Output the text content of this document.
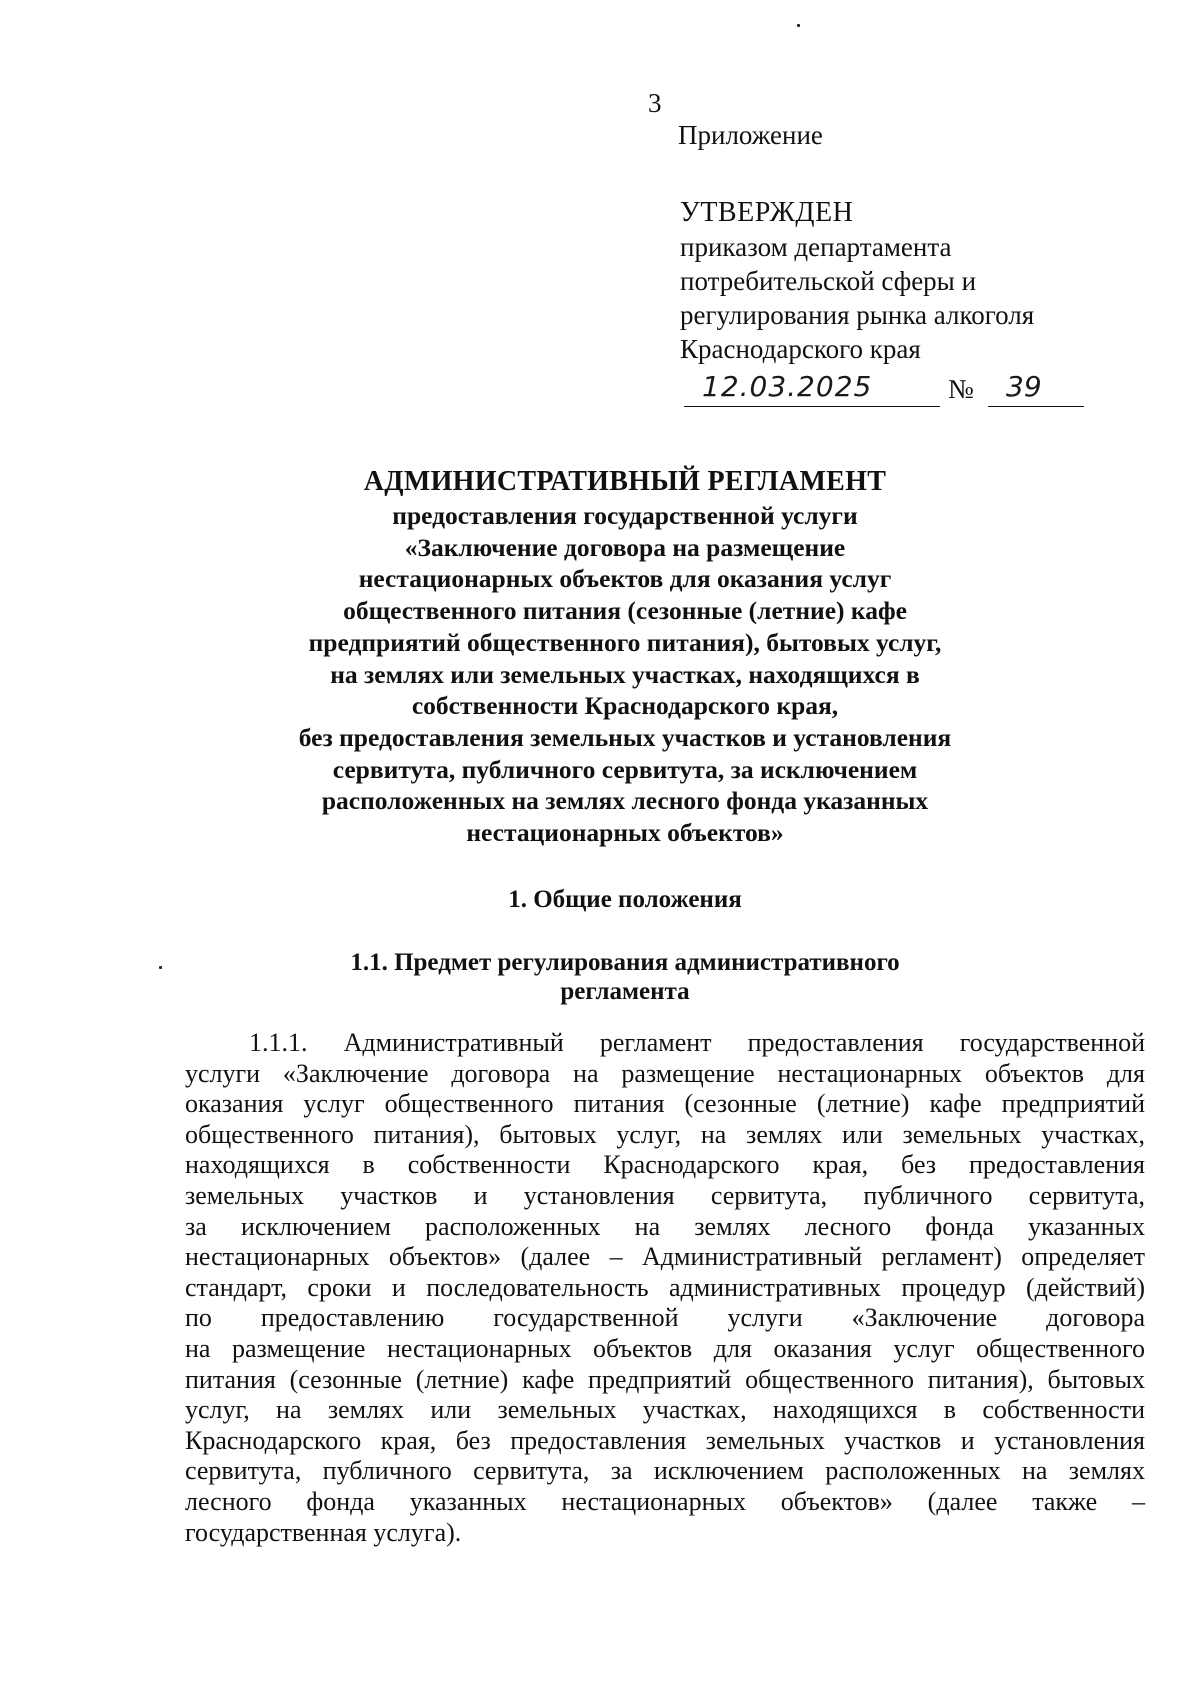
3
Приложение
УТВЕРЖДЕН
приказом департамента
потребительской сферы и
регулирования рынка алкоголя
Краснодарского края
12.03.2025	№ 39
АДМИНИСТРАТИВНЫЙ РЕГЛАМЕНТ
предоставления государственной услуги
«Заключение договора на размещение
нестационарных объектов для оказания услуг
общественного питания (сезонные (летние) кафе
предприятий общественного питания), бытовых услуг,
на землях или земельных участках, находящихся в
собственности Краснодарского края,
без предоставления земельных участков и установления
сервитута, публичного сервитута, за исключением
расположенных на землях лесного фонда указанных
нестационарных объектов»
1. Общие положения
1.1. Предмет регулирования административного
регламента
1.1.1. Административный регламент предоставления государственной
услуги «Заключение договора на размещение нестационарных объектов для
оказания услуг общественного питания (сезонные (летние) кафе предприятий
общественного питания), бытовых услуг, на землях или земельных участках,
находящихся в собственности Краснодарского края, без предоставления
земельных участков и установления сервитута, публичного сервитута,
за исключением расположенных на землях лесного фонда указанных
нестационарных объектов» (далее – Административный регламент) определяет
стандарт, сроки и последовательность административных процедур (действий)
по предоставлению государственной услуги «Заключение договора
на размещение нестационарных объектов для оказания услуг общественного
питания (сезонные (летние) кафе предприятий общественного питания), бытовых
услуг, на землях или земельных участках, находящихся в собственности
Краснодарского края, без предоставления земельных участков и установления
сервитута, публичного сервитута, за исключением расположенных на землях
лесного фонда указанных нестационарных объектов» (далее также –
государственная услуга).
